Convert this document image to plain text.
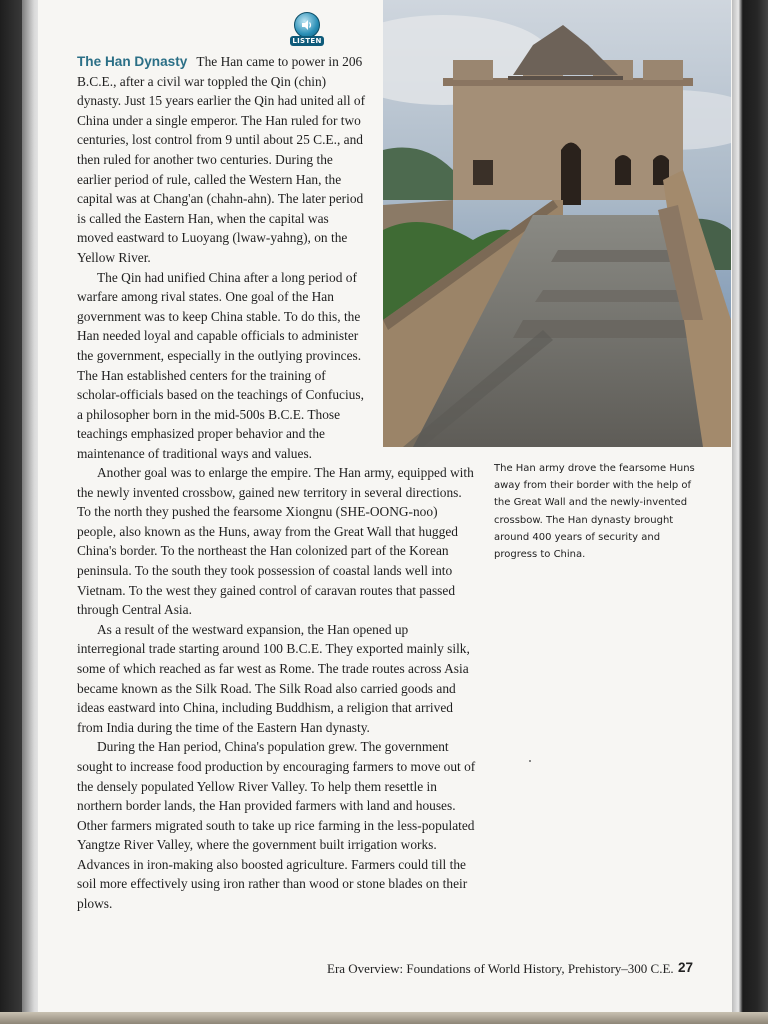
LISTEN

The Han Dynasty The Han came to power in 206 B.C.E., after a civil war toppled the Qin (chin) dynasty. Just 15 years earlier the Qin had united all of China under a single emperor. The Han ruled for two centuries, lost control from 9 until about 25 C.E., and then ruled for another two centuries. During the earlier period of rule, called the Western Han, the capital was at Chang'an (chahn-ahn). The later period is called the Eastern Han, when the capital was moved eastward to Luoyang (lwaw-yahng), on the Yellow River.

The Qin had unified China after a long period of warfare among rival states. One goal of the Han government was to keep China stable. To do this, the Han needed loyal and capable officials to administer the government, especially in the outlying provinces. The Han established centers for the training of scholar-officials based on the teachings of Confucius, a philosopher born in the mid-500s B.C.E. Those teachings emphasized proper behavior and the maintenance of traditional ways and values.

Another goal was to enlarge the empire. The Han army, equipped with the newly invented crossbow, gained new territory in several directions. To the north they pushed the fearsome Xiongnu (SHE-OONG-noo) people, also known as the Huns, away from the Great Wall that hugged China's border. To the northeast the Han colonized part of the Korean peninsula. To the south they took possession of coastal lands well into Vietnam. To the west they gained control of caravan routes that passed through Central Asia.

As a result of the westward expansion, the Han opened up interregional trade starting around 100 B.C.E. They exported mainly silk, some of which reached as far west as Rome. The trade routes across Asia became known as the Silk Road. The Silk Road also carried goods and ideas eastward into China, including Buddhism, a religion that arrived from India during the time of the Eastern Han dynasty.

During the Han period, China's population grew. The government sought to increase food production by encouraging farmers to move out of the densely populated Yellow River Valley. To help them resettle in northern border lands, the Han provided farmers with land and houses. Other farmers migrated south to take up rice farming in the less-populated Yangtze River Valley, where the government built irrigation works. Advances in iron-making also boosted agriculture. Farmers could till the soil more effectively using iron rather than wood or stone blades on their plows.

The Han army drove the fearsome Huns away from their border with the help of the Great Wall and the newly-invented crossbow. The Han dynasty brought around 400 years of security and progress to China.
Era Overview: Foundations of World History, Prehistory–300 C.E. 27
